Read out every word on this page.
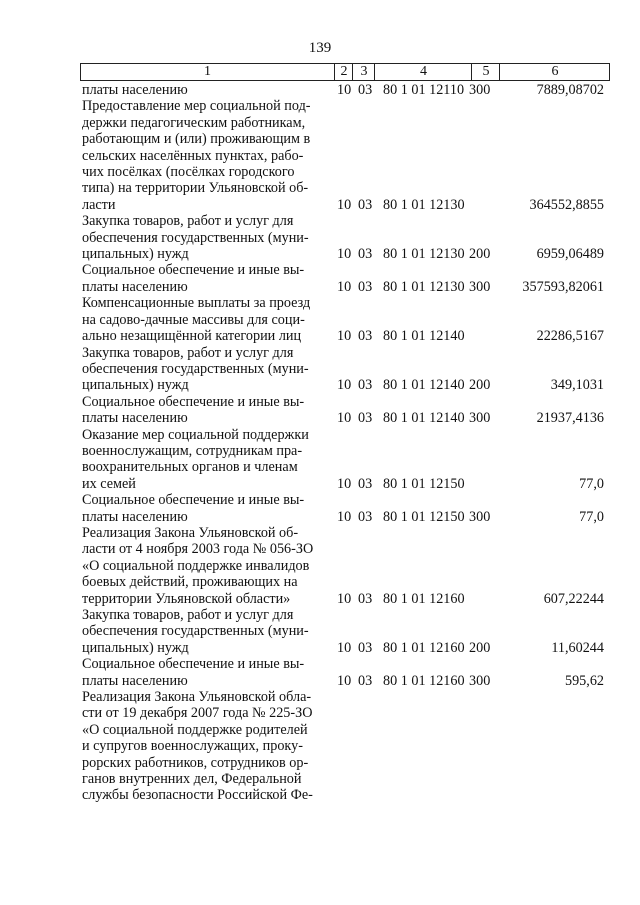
139
1	2 3	4	5	6
платы населению	10 03 80 1 01 12110 300	7889,08702
Предоставление мер социальной под-
держки педагогическим работникам,
работающим и (или) проживающим в
сельских населённых пунктах, рабо-
чих посёлках (посёлках городского
типа) на территории Ульяновской об-
ласти	10 03 80 1 01 12130	364552,8855
Закупка товаров, работ и услуг для
обеспечения государственных (муни-
ципальных) нужд	10 03 80 1 01 12130 200	6959,06489
Социальное обеспечение и иные вы-
платы населению	10 03 80 1 01 12130 300 357593,82061
Компенсационные выплаты за проезд
на садово-дачные массивы для соци-
ально незащищённой категории лиц	10 03 80 1 01 12140	22286,5167
Закупка товаров, работ и услуг для
обеспечения государственных (муни-
ципальных) нужд	10 03 80 1 01 12140 200	349,1031
Социальное обеспечение и иные вы-
платы населению	10 03 80 1 01 12140 300	21937,4136
Оказание мер социальной поддержки
военнослужащим, сотрудникам пра-
воохранительных органов и членам
их семей	10 03 80 1 01 12150	77,0
Социальное обеспечение и иные вы-
платы населению	10 03 80 1 01 12150 300	77,0
Реализация Закона Ульяновской об-
ласти от 4 ноября 2003 года № 056-ЗО
«О социальной поддержке инвалидов
боевых действий, проживающих на
территории Ульяновской области»	10 03 80 1 01 12160	607,22244
Закупка товаров, работ и услуг для
обеспечения государственных (муни-
ципальных) нужд	10 03 80 1 01 12160 200	11,60244
Социальное обеспечение и иные вы-
платы населению	10 03 80 1 01 12160 300	595,62
Реализация Закона Ульяновской обла-
сти от 19 декабря 2007 года № 225-ЗО
«О социальной поддержке родителей
и супругов военнослужащих, проку-
рорских работников, сотрудников ор-
ганов внутренних дел, Федеральной
службы безопасности Российской Фе-
